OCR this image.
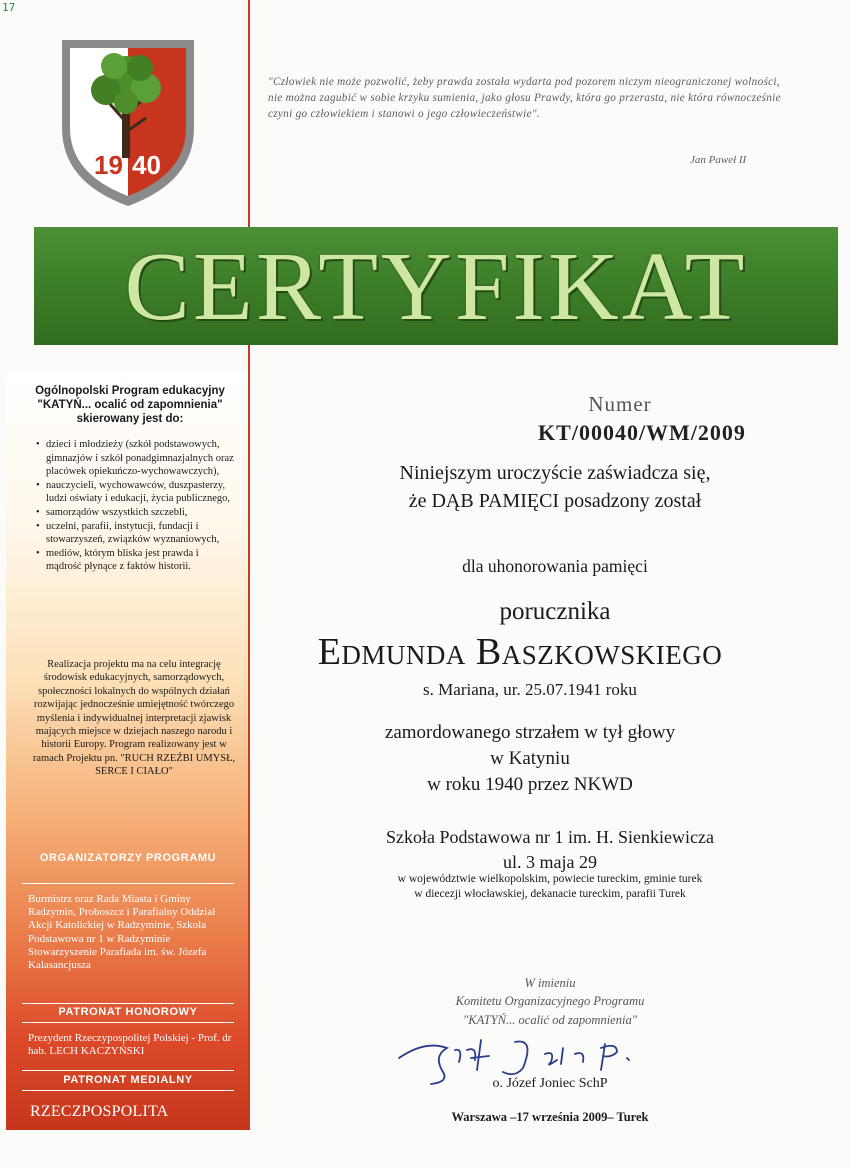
17
19 40
"Człowiek nie może pozwolić, żeby prawda została wydarta pod pozorem niczym nieograniczonej wolności, nie można zagubić w sobie krzyku sumienia, jako głosu Prawdy, która go przerasta, nie która równocześnie czyni go człowiekiem i stanowi o jego człowieczeństwie".
Jan Paweł II
CERTYFIKAT
Ogólnopolski Program edukacyjny "KATYŃ... ocalić od zapomnienia" skierowany jest do:
• dzieci i młodzieży (szkół podstawowych, gimnazjów i szkół ponadgimnazjalnych oraz placówek opiekuńczo-wychowawczych),
• nauczycieli, wychowawców, duszpasterzy, ludzi oświaty i edukacji, życia publicznego,
• samorządów wszystkich szczebli,
• uczelni, parafii, instytucji, fundacji i stowarzyszeń, związków wyznaniowych,
• mediów, którym bliska jest prawda i mądrość płynące z faktów historii.
Realizacja projektu ma na celu integrację środowisk edukacyjnych, samorządowych, społeczności lokalnych do wspólnych działań rozwijając jednocześnie umiejętność twórczego myślenia i indywidualnej interpretacji zjawisk mających miejsce w dziejach naszego narodu i historii Europy. Program realizowany jest w ramach Projektu pn. "RUCH RZEŹBI UMYSŁ, SERCE I CIAŁO"
ORGANIZATORZY PROGRAMU
Burmistrz oraz Rada Miasta i Gminy Radzymin, Proboszcz i Parafialny Oddział Akcji Katolickiej w Radzyminie, Szkoła Podstawowa nr 1 w Radzyminie Stowarzyszenie Parafiada im. św. Józefa Kalasancjusza
PATRONAT HONOROWY
Prezydent Rzeczypospolitej Polskiej - Prof. dr hab. LECH KACZYŃSKI
PATRONAT MEDIALNY
RZECZPOSPOLITA
Numer
KT/00040/WM/2009
Niniejszym uroczyście zaświadcza się,
że DĄB PAMIĘCI posadzony został
dla uhonorowania pamięci
porucznika
Edmunda Baszkowskiego
s. Mariana, ur. 25.07.1941 roku
zamordowanego strzałem w tył głowy
w Katyniu
w roku 1940 przez NKWD
Szkoła Podstawowa nr 1 im. H. Sienkiewicza
ul. 3 maja 29
w województwie wielkopolskim, powiecie tureckim, gminie turek
w diecezji włocławskiej, dekanacie tureckim, parafii Turek
W imieniu
Komitetu Organizacyjnego Programu
"KATYŃ... ocalić od zapomnienia"
o. Józef Joniec SchP
Warszawa –17 września 2009– Turek
